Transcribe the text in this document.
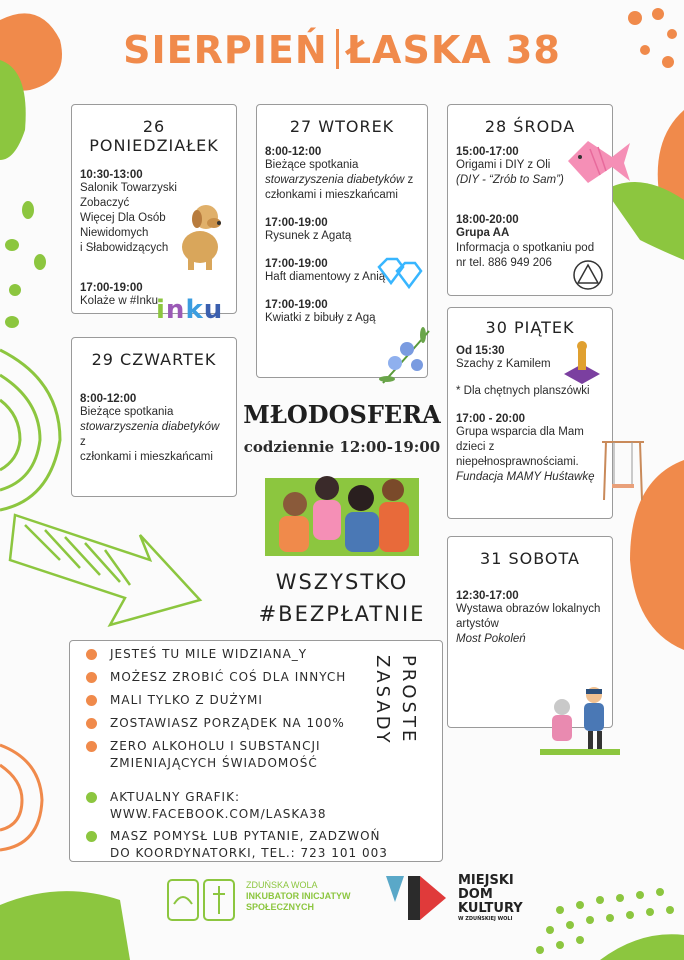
SIERPIEŃ ŁASKA 38
26 PONIEDZIAŁEK
10:30-13:00
Salonik Towarzyski Zobaczyć
Więcej Dla Osób
Niewidomych
i Słabowidzących
17:00-19:00
Kolaże w #Inku
inku
27 WTOREK
8:00-12:00
Bieżące spotkania
stowarzyszenia diabetyków z
członkami i mieszkańcami
17:00-19:00
Rysunek z Agatą
17:00-19:00
Haft diamentowy z Anią
17:00-19:00
Kwiatki z bibuły z Agą
28 ŚRODA
15:00-17:00
Origami i DIY z Oli
(DIY - “Zrób to Sam”)
18:00-20:00
Grupa AA
Informacja o spotkaniu pod
nr tel. 886 949 206
29 CZWARTEK
8:00-12:00
Bieżące spotkania
stowarzyszenia diabetyków z
członkami i mieszkańcami
30 PIĄTEK
Od 15:30
Szachy z Kamilem
* Dla chętnych planszówki
17:00 - 20:00
Grupa wsparcia dla Mam
dzieci z
niepełnosprawnościami.
Fundacja MAMY Huśtawkę
31 SOBOTA
12:30-17:00
Wystawa obrazów lokalnych
artystów
Most Pokoleń
MŁODOSFERA
codziennie 12:00-19:00
WSZYSTKO
#BEZPŁATNIE
JESTEŚ TU MILE WIDZIANA_Y
MOŻESZ ZROBIĆ COŚ DLA INNYCH
MALI TYLKO Z DUŻYMI
ZOSTAWIASZ PORZĄDEK NA 100%
ZERO ALKOHOLU I SUBSTANCJI
ZMIENIAJĄCYCH ŚWIADOMOŚĆ
AKTUALNY GRAFIK:
WWW.FACEBOOK.COM/LASKA38
MASZ POMYSŁ LUB PYTANIE, ZADZWOŃ
DO KOORDYNATORKI, TEL.: 723 101 003
PROSTE
ZASADY
ZDUŃSKA WOLA
INKUBATOR INICJATYW
SPOŁECZNYCH
MIEJSKI
DOM
KULTURY
W ZDUŃSKIEJ WOLI
